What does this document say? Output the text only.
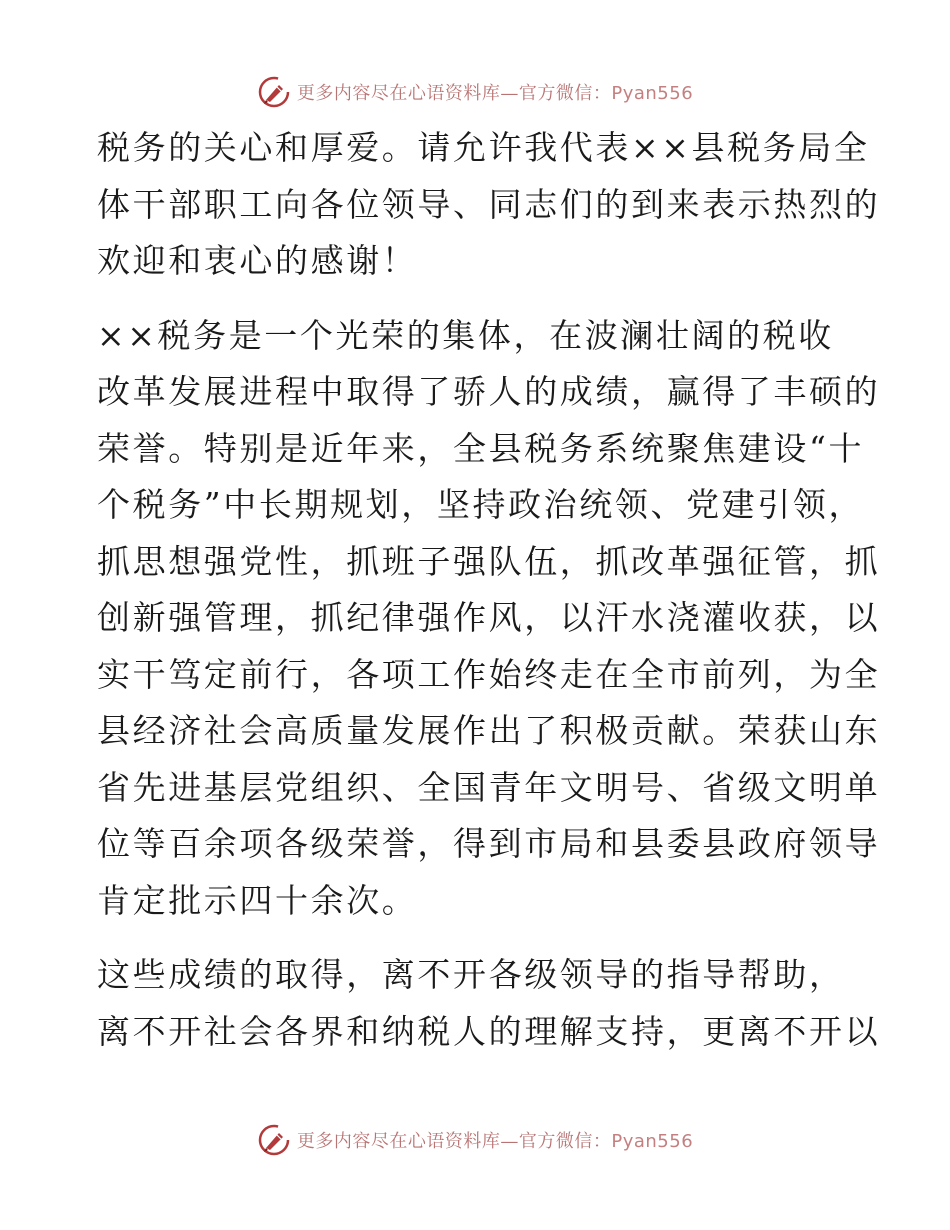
更多内容尽在心语资料库—官方微信：Pyan556

税务的关心和厚爱。请允许我代表××县税务局全
体干部职工向各位领导、同志们的到来表示热烈的
欢迎和衷心的感谢！

××税务是一个光荣的集体，在波澜壮阔的税收
改革发展进程中取得了骄人的成绩，赢得了丰硕的
荣誉。特别是近年来，全县税务系统聚焦建设“十
个税务”中长期规划，坚持政治统领、党建引领，
抓思想强党性，抓班子强队伍，抓改革强征管，抓
创新强管理，抓纪律强作风，以汗水浇灌收获，以
实干笃定前行，各项工作始终走在全市前列，为全
县经济社会高质量发展作出了积极贡献。荣获山东
省先进基层党组织、全国青年文明号、省级文明单
位等百余项各级荣誉，得到市局和县委县政府领导
肯定批示四十余次。

这些成绩的取得，离不开各级领导的指导帮助，
离不开社会各界和纳税人的理解支持，更离不开以

更多内容尽在心语资料库—官方微信：Pyan556
